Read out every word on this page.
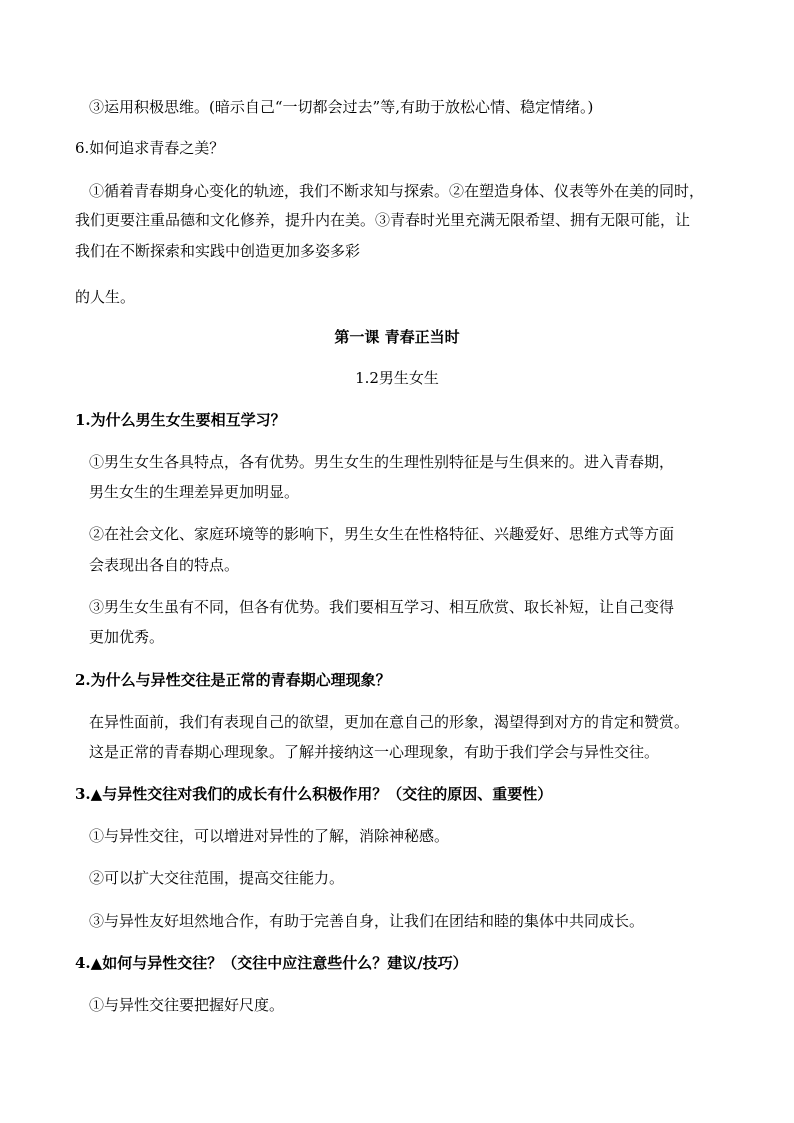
③运用积极思维。(暗示自己“一切都会过去”等,有助于放松心情、稳定情绪。)
6.如何追求青春之美？
①循着青春期身心变化的轨迹，我们不断求知与探索。②在塑造身体、仪表等外在美的同时，
我们更要注重品德和文化修养，提升内在美。③青春时光里充满无限希望、拥有无限可能，让
我们在不断探索和实践中创造更加多姿多彩
的人生。
第一课 青春正当时
1.2男生女生
1.为什么男生女生要相互学习？
①男生女生各具特点，各有优势。男生女生的生理性别特征是与生俱来的。进入青春期，
男生女生的生理差异更加明显。
②在社会文化、家庭环境等的影响下，男生女生在性格特征、兴趣爱好、思维方式等方面
会表现出各自的特点。
③男生女生虽有不同，但各有优势。我们要相互学习、相互欣赏、取长补短，让自己变得
更加优秀。
2.为什么与异性交往是正常的青春期心理现象？
在异性面前，我们有表现自己的欲望，更加在意自己的形象，渴望得到对方的肯定和赞赏。
这是正常的青春期心理现象。了解并接纳这一心理现象，有助于我们学会与异性交往。
3.▲与异性交往对我们的成长有什么积极作用？（交往的原因、重要性）
①与异性交往，可以增进对异性的了解，消除神秘感。
②可以扩大交往范围，提高交往能力。
③与异性友好坦然地合作，有助于完善自身，让我们在团结和睦的集体中共同成长。
4.▲如何与异性交往？（交往中应注意些什么？建议/技巧）
①与异性交往要把握好尺度。
